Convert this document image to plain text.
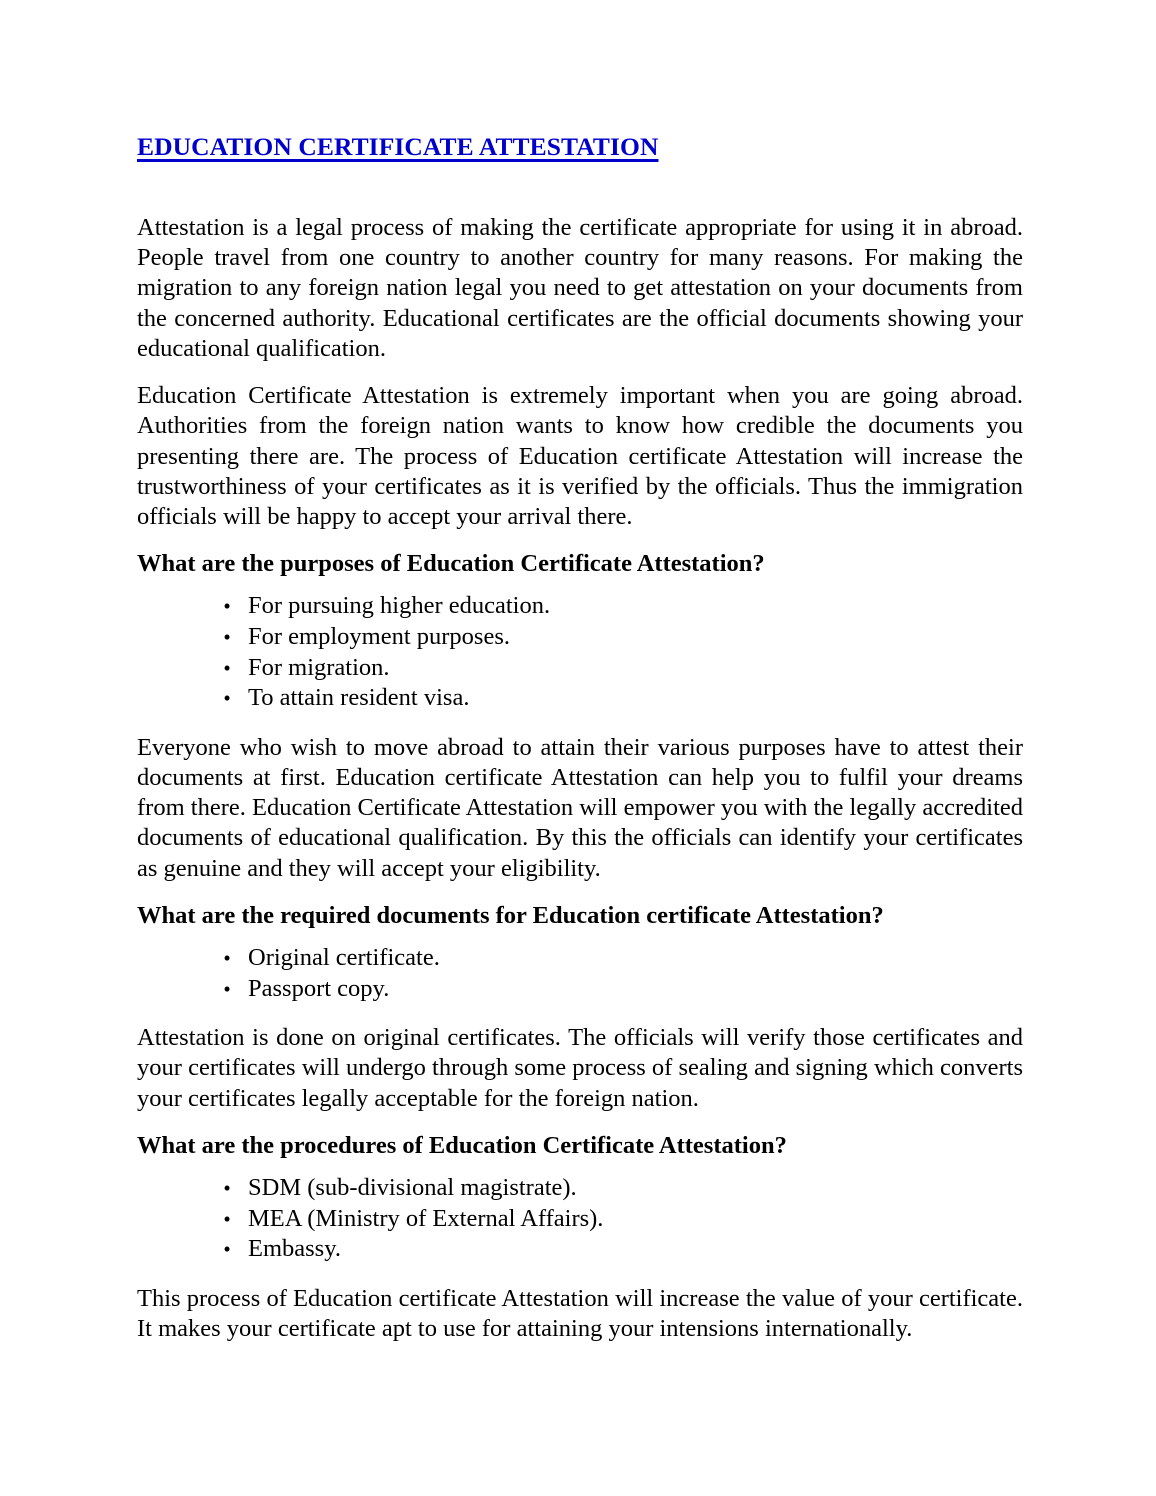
EDUCATION CERTIFICATE ATTESTATION

Attestation is a legal process of making the certificate appropriate for using it in abroad. People travel from one country to another country for many reasons. For making the migration to any foreign nation legal you need to get attestation on your documents from the concerned authority. Educational certificates are the official documents showing your educational qualification.

Education Certificate Attestation is extremely important when you are going abroad. Authorities from the foreign nation wants to know how credible the documents you presenting there are. The process of Education certificate Attestation will increase the trustworthiness of your certificates as it is verified by the officials. Thus the immigration officials will be happy to accept your arrival there.

What are the purposes of Education Certificate Attestation?
• For pursuing higher education.
• For employment purposes.
• For migration.
• To attain resident visa.

Everyone who wish to move abroad to attain their various purposes have to attest their documents at first. Education certificate Attestation can help you to fulfil your dreams from there. Education Certificate Attestation will empower you with the legally accredited documents of educational qualification. By this the officials can identify your certificates as genuine and they will accept your eligibility.

What are the required documents for Education certificate Attestation?
• Original certificate.
• Passport copy.

Attestation is done on original certificates. The officials will verify those certificates and your certificates will undergo through some process of sealing and signing which converts your certificates legally acceptable for the foreign nation.

What are the procedures of Education Certificate Attestation?
• SDM (sub-divisional magistrate).
• MEA (Ministry of External Affairs).
• Embassy.

This process of Education certificate Attestation will increase the value of your certificate. It makes your certificate apt to use for attaining your intensions internationally.
